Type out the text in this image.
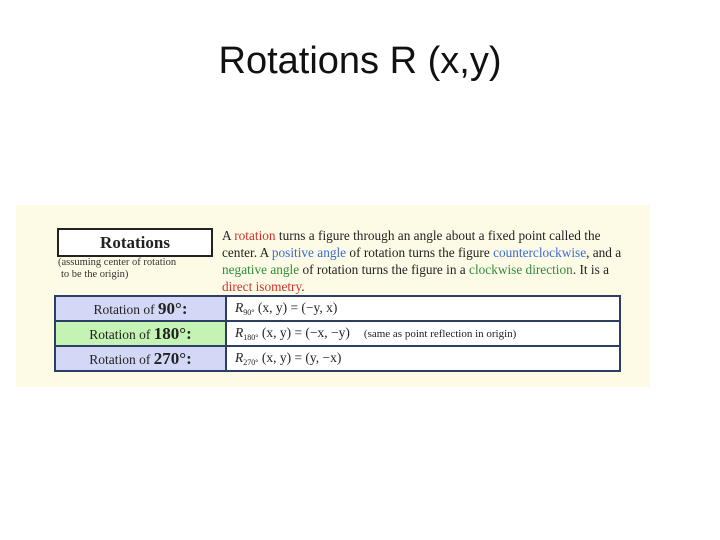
Rotations R (x,y)
Rotations
(assuming center of rotation
to be the origin)
A rotation turns a figure through an angle about a fixed point called the center. A positive angle of rotation turns the figure counterclockwise, and a negative angle of rotation turns the figure in a clockwise direction. It is a direct isometry.
Rotation of 90°:	$R_{90^\circ}$ (x, y) = (−y, x)
Rotation of 180°:	$R_{180^\circ}$ (x, y) = (−x, −y) (same as point reflection in origin)
Rotation of 270°:	$R_{270^\circ}$ (x, y) = (y, −x)
